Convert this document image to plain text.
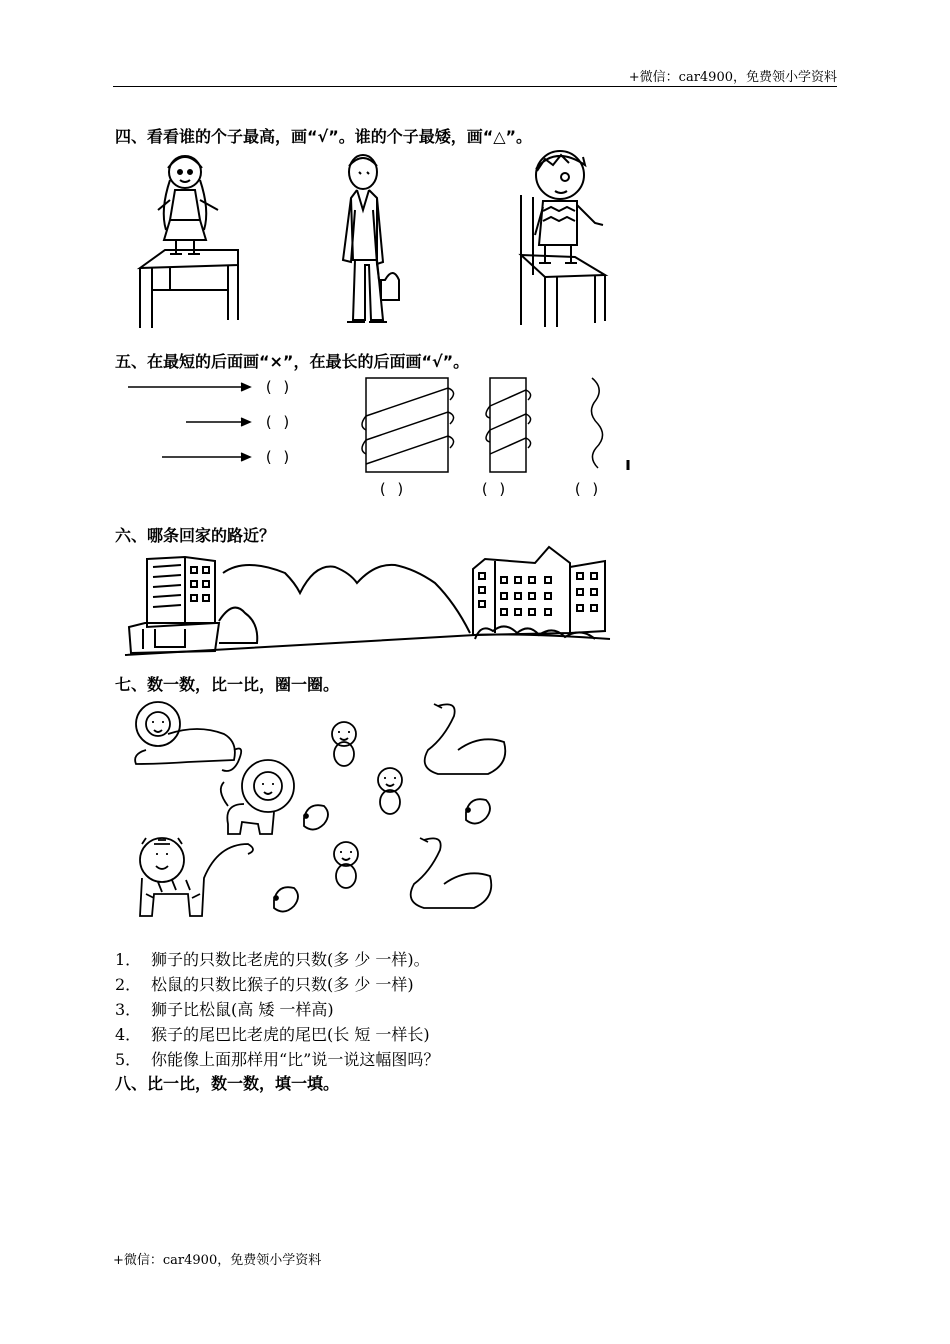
+微信：car4900，免费领小学资料
四、看看谁的个子最高，画“√”。谁的个子最矮，画“△”。
五、在最短的后面画“×”，在最长的后面画“√”。
( )
( )
( )
( )	( )	( )
六、哪条回家的路近？
七、数一数，比一比，圈一圈。
1． 狮子的只数比老虎的只数(多 少 一样)。
2． 松鼠的只数比猴子的只数(多 少 一样)
3． 狮子比松鼠(高 矮 一样高)
4． 猴子的尾巴比老虎的尾巴(长 短 一样长)
5． 你能像上面那样用“比”说一说这幅图吗？
八、比一比，数一数，填一填。
+微信：car4900，免费领小学资料
